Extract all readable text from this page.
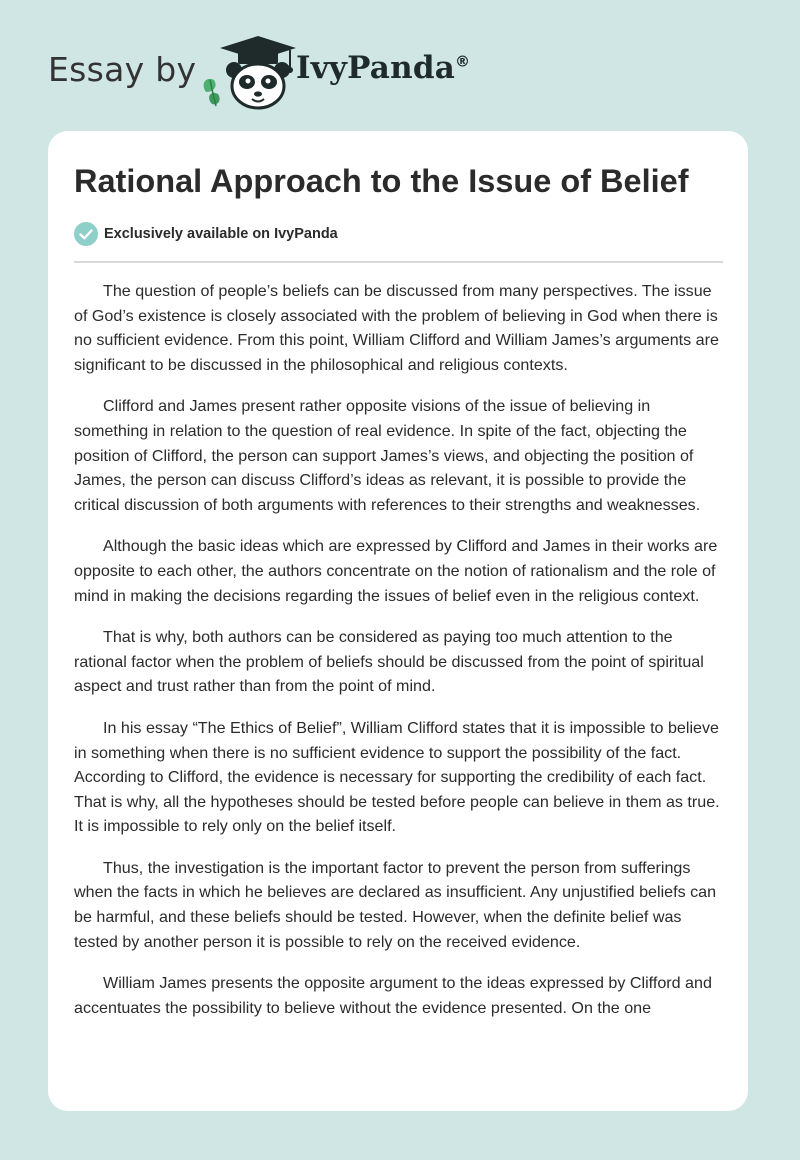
Essay by	IvyPanda®
Rational Approach to the Issue of Belief
Exclusively available on IvyPanda

The question of people’s beliefs can be discussed from many perspectives. The issue of God’s existence is closely associated with the problem of believing in God when there is no sufficient evidence. From this point, William Clifford and William James’s arguments are significant to be discussed in the philosophical and religious contexts.

Clifford and James present rather opposite visions of the issue of believing in something in relation to the question of real evidence. In spite of the fact, objecting the position of Clifford, the person can support James’s views, and objecting the position of James, the person can discuss Clifford’s ideas as relevant, it is possible to provide the critical discussion of both arguments with references to their strengths and weaknesses.

Although the basic ideas which are expressed by Clifford and James in their works are opposite to each other, the authors concentrate on the notion of rationalism and the role of mind in making the decisions regarding the issues of belief even in the religious context.

That is why, both authors can be considered as paying too much attention to the rational factor when the problem of beliefs should be discussed from the point of spiritual aspect and trust rather than from the point of mind.

In his essay “The Ethics of Belief”, William Clifford states that it is impossible to believe in something when there is no sufficient evidence to support the possibility of the fact. According to Clifford, the evidence is necessary for supporting the credibility of each fact. That is why, all the hypotheses should be tested before people can believe in them as true. It is impossible to rely only on the belief itself.

Thus, the investigation is the important factor to prevent the person from sufferings when the facts in which he believes are declared as insufficient. Any unjustified beliefs can be harmful, and these beliefs should be tested. However, when the definite belief was tested by another person it is possible to rely on the received evidence.

William James presents the opposite argument to the ideas expressed by Clifford and accentuates the possibility to believe without the evidence presented. On the one
